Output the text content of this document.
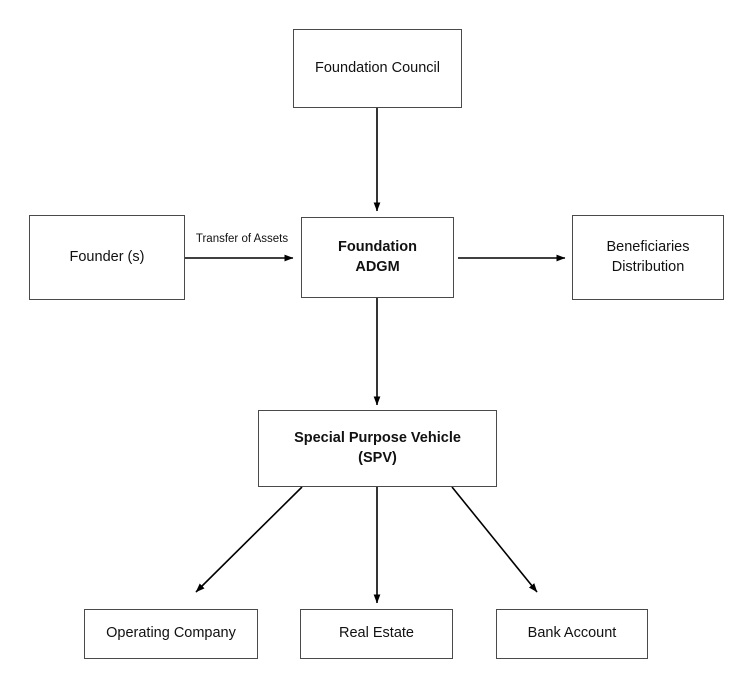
Foundation Council
Founder (s)
Transfer of Assets	Foundation
ADGM
Beneficiaries
Distribution
Special Purpose Vehicle
(SPV)
Operating Company	Real Estate	Bank Account
